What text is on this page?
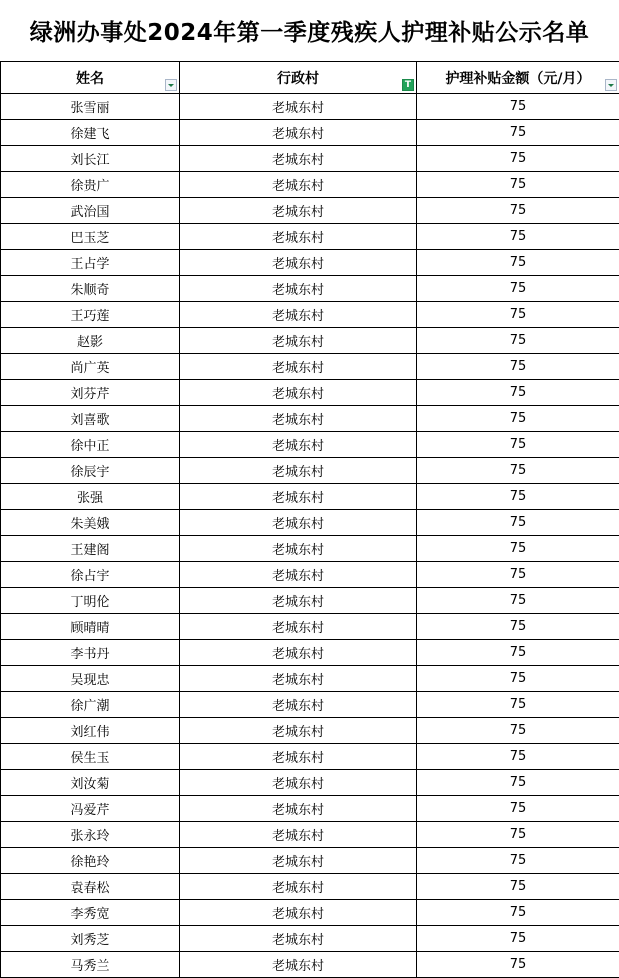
绿洲办事处2024年第一季度残疾人护理补贴公示名单
姓名	行政村 T	护理补贴金额（元/月）

张雪丽	老城东村	75
徐建飞	老城东村	75
刘长江	老城东村	75
徐贵广	老城东村	75
武治国	老城东村	75
巴玉芝	老城东村	75
王占学	老城东村	75
朱顺奇	老城东村	75
王巧莲	老城东村	75
赵影	老城东村	75
尚广英	老城东村	75
刘芬芹	老城东村	75
刘喜歌	老城东村	75
徐中正	老城东村	75
徐辰宇	老城东村	75
张强	老城东村	75
朱美娥	老城东村	75
王建阁	老城东村	75
徐占宇	老城东村	75
丁明伦	老城东村	75
顾晴晴	老城东村	75
李书丹	老城东村	75
吴现忠	老城东村	75
徐广潮	老城东村	75
刘红伟	老城东村	75
侯生玉	老城东村	75
刘汝菊	老城东村	75
冯爱芹	老城东村	75
张永玲	老城东村	75
徐艳玲	老城东村	75
袁春松	老城东村	75
李秀宽	老城东村	75
刘秀芝	老城东村	75
马秀兰	老城东村	75
